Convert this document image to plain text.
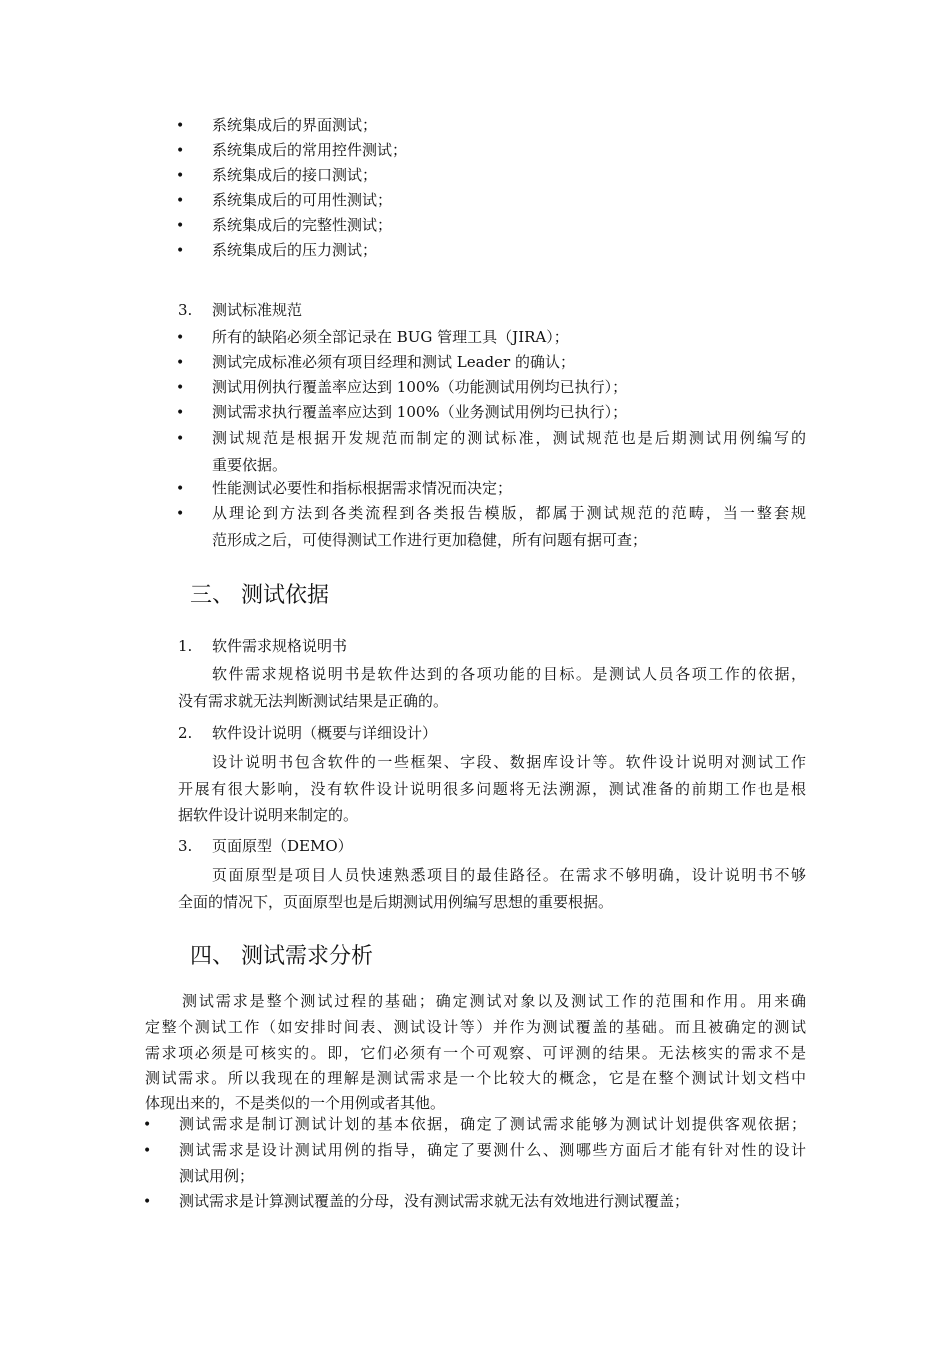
• 系统集成后的界面测试；
• 系统集成后的常用控件测试；
• 系统集成后的接口测试；
• 系统集成后的可用性测试；
• 系统集成后的完整性测试；
• 系统集成后的压力测试；
3. 测试标准规范
• 所有的缺陷必须全部记录在 BUG 管理工具（JIRA）；
• 测试完成标准必须有项目经理和测试 Leader 的确认；
• 测试用例执行覆盖率应达到 100%（功能测试用例均已执行）；
• 测试需求执行覆盖率应达到 100%（业务测试用例均已执行）；
• 测试规范是根据开发规范而制定的测试标准，测试规范也是后期测试用例编写的
重要依据。
• 性能测试必要性和指标根据需求情况而决定；
• 从理论到方法到各类流程到各类报告模版，都属于测试规范的范畴，当一整套规
范形成之后，可使得测试工作进行更加稳健，所有问题有据可查；
三、 测试依据
1. 软件需求规格说明书
软件需求规格说明书是软件达到的各项功能的目标。是测试人员各项工作的依据，
没有需求就无法判断测试结果是正确的。
2. 软件设计说明（概要与详细设计）
设计说明书包含软件的一些框架、字段、数据库设计等。软件设计说明对测试工作
开展有很大影响，没有软件设计说明很多问题将无法溯源，测试准备的前期工作也是根
据软件设计说明来制定的。
3. 页面原型（DEMO）
页面原型是项目人员快速熟悉项目的最佳路径。在需求不够明确，设计说明书不够
全面的情况下，页面原型也是后期测试用例编写思想的重要根据。
四、 测试需求分析
测试需求是整个测试过程的基础；确定测试对象以及测试工作的范围和作用。用来确
定整个测试工作（如安排时间表、测试设计等）并作为测试覆盖的基础。而且被确定的测试
需求项必须是可核实的。即，它们必须有一个可观察、可评测的结果。无法核实的需求不是
测试需求。所以我现在的理解是测试需求是一个比较大的概念，它是在整个测试计划文档中
体现出来的，不是类似的一个用例或者其他。
• 测试需求是制订测试计划的基本依据，确定了测试需求能够为测试计划提供客观依据；
• 测试需求是设计测试用例的指导，确定了要测什么、测哪些方面后才能有针对性的设计
测试用例；
• 测试需求是计算测试覆盖的分母，没有测试需求就无法有效地进行测试覆盖；
